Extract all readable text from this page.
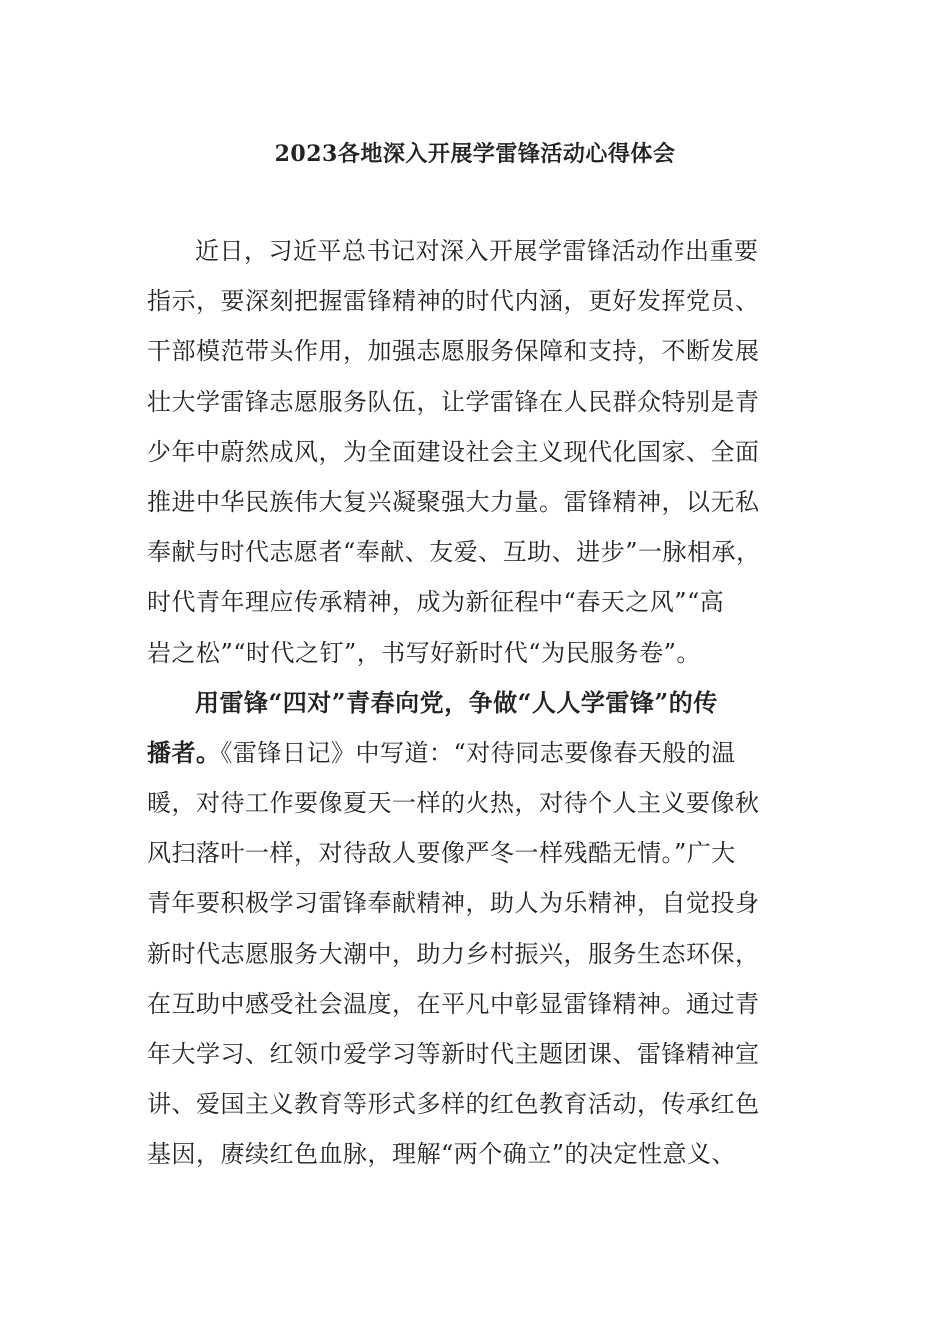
2023各地深入开展学雷锋活动心得体会
近日，习近平总书记对深入开展学雷锋活动作出重要
指示，要深刻把握雷锋精神的时代内涵，更好发挥党员、
干部模范带头作用，加强志愿服务保障和支持，不断发展
壮大学雷锋志愿服务队伍，让学雷锋在人民群众特别是青
少年中蔚然成风，为全面建设社会主义现代化国家、全面
推进中华民族伟大复兴凝聚强大力量。雷锋精神，以无私
奉献与时代志愿者“奉献、友爱、互助、进步”一脉相承，
时代青年理应传承精神，成为新征程中“春天之风”“高
岩之松”“时代之钉”，书写好新时代“为民服务卷”。
用雷锋“四对”青春向党，争做“人人学雷锋”的传
播者。《雷锋日记》中写道：“对待同志要像春天般的温
暖，对待工作要像夏天一样的火热，对待个人主义要像秋
风扫落叶一样，对待敌人要像严冬一样残酷无情。”广大
青年要积极学习雷锋奉献精神，助人为乐精神，自觉投身
新时代志愿服务大潮中，助力乡村振兴，服务生态环保，
在互助中感受社会温度，在平凡中彰显雷锋精神。通过青
年大学习、红领巾爱学习等新时代主题团课、雷锋精神宣
讲、爱国主义教育等形式多样的红色教育活动，传承红色
基因，赓续红色血脉，理解“两个确立”的决定性意义、
